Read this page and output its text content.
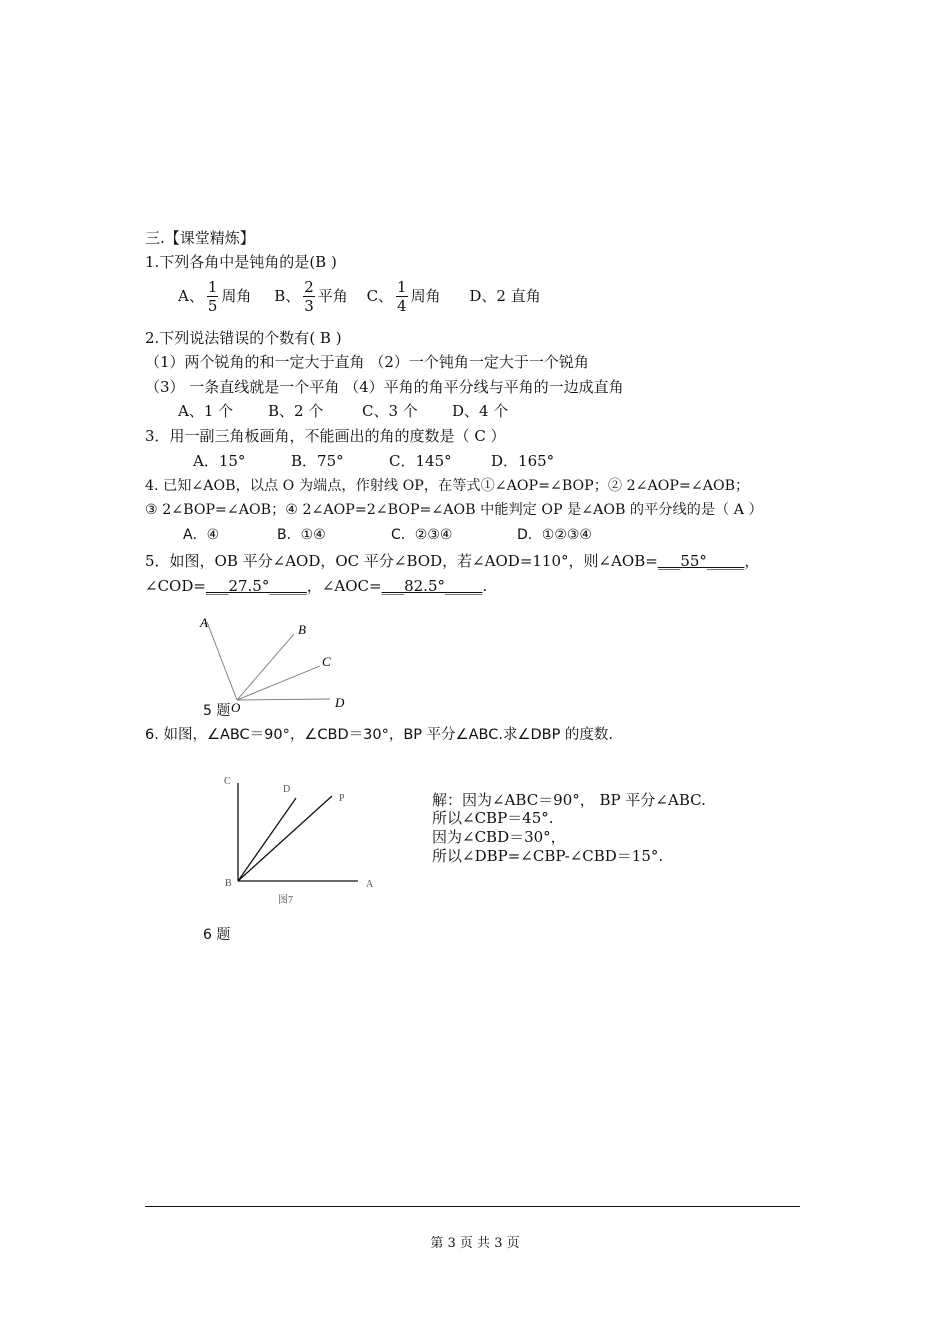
三.【课堂精炼】
1.下列各角中是钝角的是(B )
A、 $\frac{1}{5}$ 周角 B、 $\frac{2}{3}$ 平角 C、 $\frac{1}{4}$ 周角 D、2 直角
2.下列说法错误的个数有( B )
（1）两个锐角的和一定大于直角 （2）一个钝角一定大于一个锐角
（3） 一条直线就是一个平角 （4）平角的角平分线与平角的一边成直角
A、1 个 B、2 个	C、3 个 D、4 个
3．用一副三角板画角，不能画出的角的度数是（ C ）
A．15°	B．75°	C．145°	D．165°
4. 已知∠AOB，以点 O 为端点，作射线 OP，在等式①∠AOP=∠BOP；② 2∠AOP=∠AOB；
③ 2∠BOP=∠AOB；④ 2∠AOP=2∠BOP=∠AOB 中能判定 OP 是∠AOB 的平分线的是（ A ）
A．④	B．①④	C．②③④	D．①②③④
5．如图，OB 平分∠AOD，OC 平分∠BOD，若∠AOD=110°，则∠AOB=___55°_____，
∠COD=___27.5°_____，∠AOC=___82.5°_____.
A	B
C
D
O
5 题
6. 如图，∠ABC＝90°，∠CBD＝30°，BP 平分∠ABC.求∠DBP 的度数.
C
D
P
B	A
图7
解：因为∠ABC＝90°， BP 平分∠ABC.
所以∠CBP＝45°.
因为∠CBD＝30°，
所以∠DBP=∠CBP-∠CBD＝15°.
6 题
第 3 页 共 3 页
